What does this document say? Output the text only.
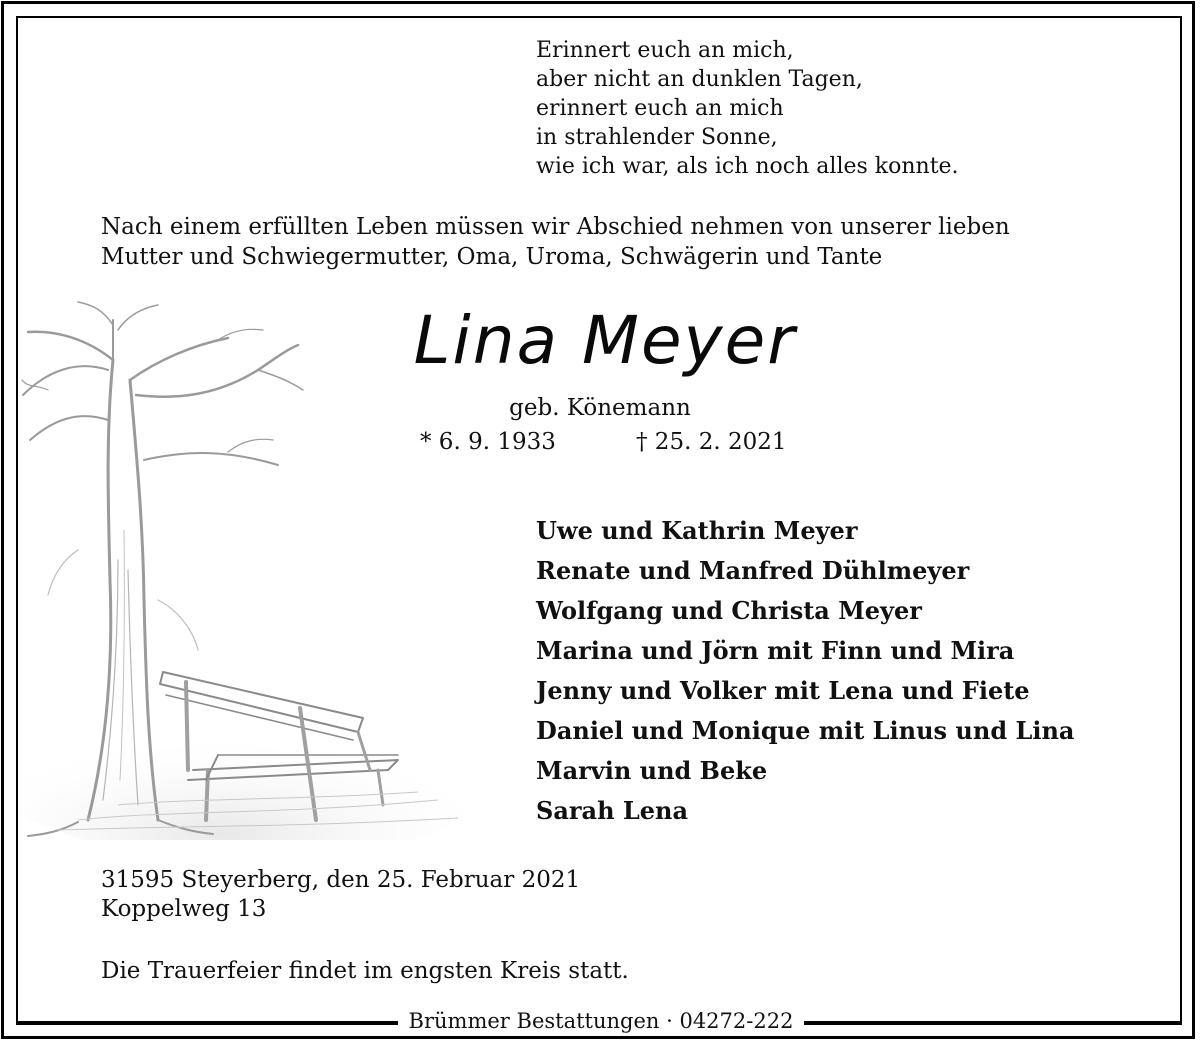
Erinnert euch an mich,
aber nicht an dunklen Tagen,
erinnert euch an mich
in strahlender Sonne,
wie ich war, als ich noch alles konnte.
Nach einem erfüllten Leben müssen wir Abschied nehmen von unserer lieben
Mutter und Schwiegermutter, Oma, Uroma, Schwägerin und Tante
Lina Meyer
geb. Könemann
* 6. 9. 1933	† 25. 2. 2021
Uwe und Kathrin Meyer
Renate und Manfred Dühlmeyer
Wolfgang und Christa Meyer
Marina und Jörn mit Finn und Mira
Jenny und Volker mit Lena und Fiete
Daniel und Monique mit Linus und Lina
Marvin und Beke
Sarah Lena
31595 Steyerberg, den 25. Februar 2021
Koppelweg 13
Die Trauerfeier findet im engsten Kreis statt.
Brümmer Bestattungen · 04272-222
